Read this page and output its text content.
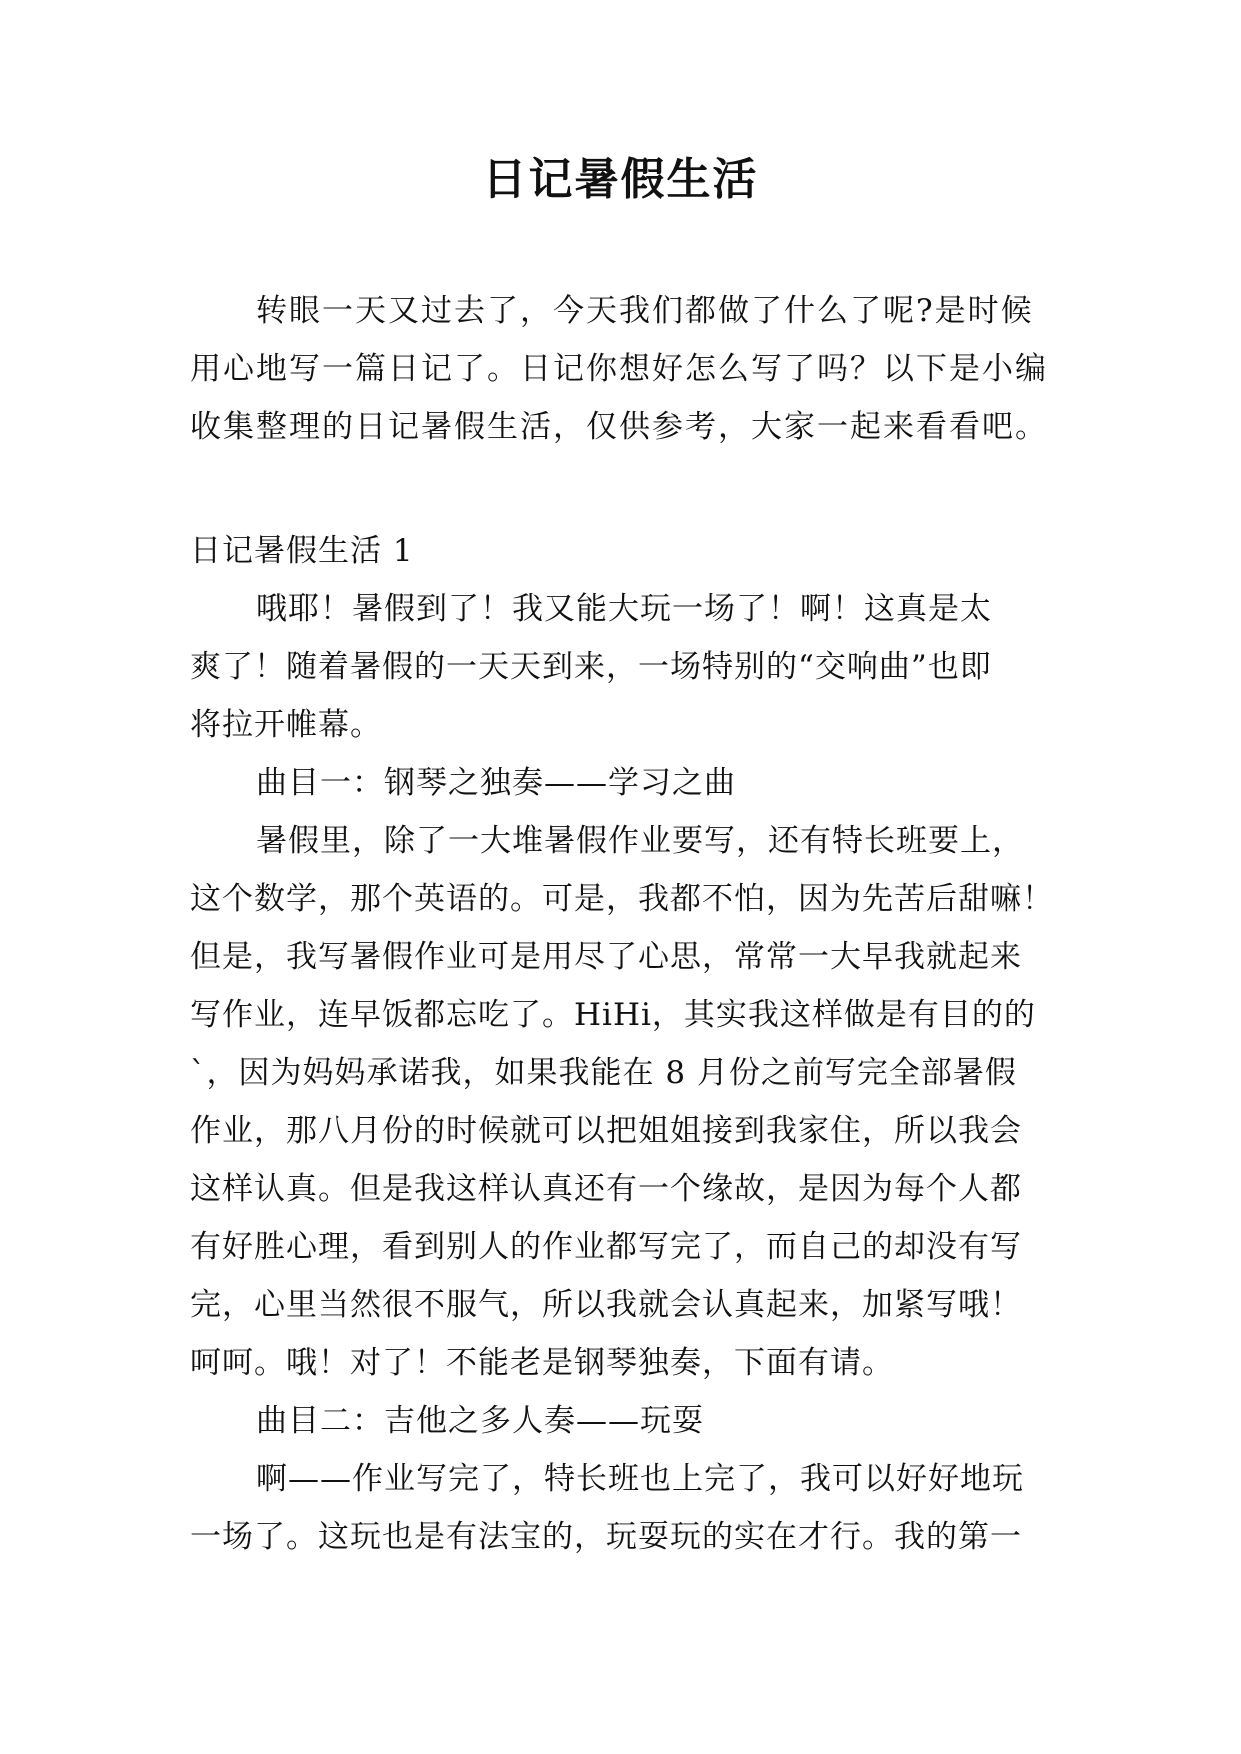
日记暑假生活
转眼一天又过去了，今天我们都做了什么了呢?是时候
用心地写一篇日记了。日记你想好怎么写了吗？以下是小编
收集整理的日记暑假生活，仅供参考，大家一起来看看吧。
日记暑假生活 1
哦耶！暑假到了！我又能大玩一场了！啊！这真是太
爽了！随着暑假的一天天到来，一场特别的“交响曲”也即
将拉开帷幕。
曲目一：钢琴之独奏——学习之曲
暑假里，除了一大堆暑假作业要写，还有特长班要上，
这个数学，那个英语的。可是，我都不怕，因为先苦后甜嘛！
但是，我写暑假作业可是用尽了心思，常常一大早我就起来
写作业，连早饭都忘吃了。HiHi，其实我这样做是有目的的
`，因为妈妈承诺我，如果我能在 8 月份之前写完全部暑假
作业，那八月份的时候就可以把姐姐接到我家住，所以我会
这样认真。但是我这样认真还有一个缘故，是因为每个人都
有好胜心理，看到别人的作业都写完了，而自己的却没有写
完，心里当然很不服气，所以我就会认真起来，加紧写哦！
呵呵。哦！对了！不能老是钢琴独奏，下面有请。
曲目二：吉他之多人奏——玩耍
啊——作业写完了，特长班也上完了，我可以好好地玩
一场了。这玩也是有法宝的，玩耍玩的实在才行。我的第一
